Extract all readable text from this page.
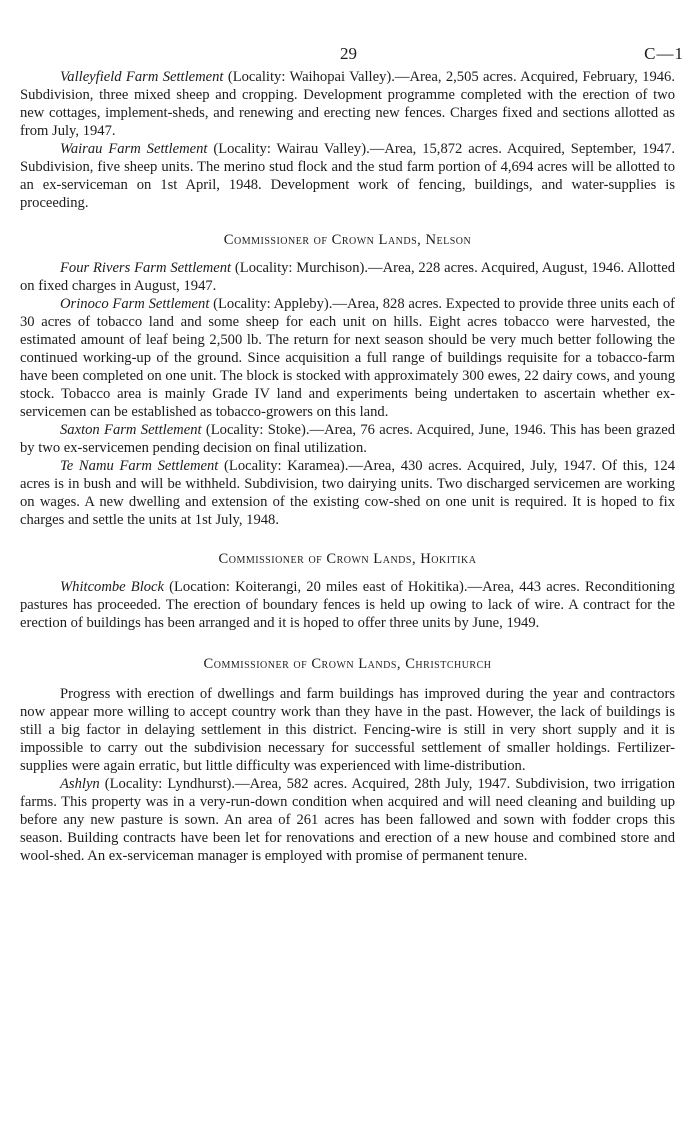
29	C—1

Valleyfield Farm Settlement (Locality: Waihopai Valley).—Area, 2,505 acres. Acquired, February, 1946. Subdivision, three mixed sheep and cropping. Development programme completed with the erection of two new cottages, implement-sheds, and renewing and erecting new fences. Charges fixed and sections allotted as from July, 1947.

Wairau Farm Settlement (Locality: Wairau Valley).—Area, 15,872 acres. Acquired, September, 1947. Subdivision, five sheep units. The merino stud flock and the stud farm portion of 4,694 acres will be allotted to an ex-serviceman on 1st April, 1948. Development work of fencing, buildings, and water-supplies is proceeding.

Commissioner of Crown Lands, Nelson

Four Rivers Farm Settlement (Locality: Murchison).—Area, 228 acres. Acquired, August, 1946. Allotted on fixed charges in August, 1947.

Orinoco Farm Settlement (Locality: Appleby).—Area, 828 acres. Expected to provide three units each of 30 acres of tobacco land and some sheep for each unit on hills. Eight acres tobacco were harvested, the estimated amount of leaf being 2,500 lb. The return for next season should be very much better following the continued working-up of the ground. Since acquisition a full range of buildings requisite for a tobacco-farm have been completed on one unit. The block is stocked with approximately 300 ewes, 22 dairy cows, and young stock. Tobacco area is mainly Grade IV land and experiments being undertaken to ascertain whether ex-servicemen can be established as tobacco-growers on this land.

Saxton Farm Settlement (Locality: Stoke).—Area, 76 acres. Acquired, June, 1946. This has been grazed by two ex-servicemen pending decision on final utilization.

Te Namu Farm Settlement (Locality: Karamea).—Area, 430 acres. Acquired, July, 1947. Of this, 124 acres is in bush and will be withheld. Subdivision, two dairying units. Two discharged servicemen are working on wages. A new dwelling and extension of the existing cow-shed on one unit is required. It is hoped to fix charges and settle the units at 1st July, 1948.

Commissioner of Crown Lands, Hokitika

Whitcombe Block (Location: Koiterangi, 20 miles east of Hokitika).—Area, 443 acres. Reconditioning pastures has proceeded. The erection of boundary fences is held up owing to lack of wire. A contract for the erection of buildings has been arranged and it is hoped to offer three units by June, 1949.

Commissioner of Crown Lands, Christchurch

Progress with erection of dwellings and farm buildings has improved during the year and contractors now appear more willing to accept country work than they have in the past. However, the lack of buildings is still a big factor in delaying settlement in this district. Fencing-wire is still in very short supply and it is impossible to carry out the subdivision necessary for successful settlement of smaller holdings. Fertilizer-supplies were again erratic, but little difficulty was experienced with lime-distribution.

Ashlyn (Locality: Lyndhurst).—Area, 582 acres. Acquired, 28th July, 1947. Subdivision, two irrigation farms. This property was in a very-run-down condition when acquired and will need cleaning and building up before any new pasture is sown. An area of 261 acres has been fallowed and sown with fodder crops this season. Building contracts have been let for renovations and erection of a new house and combined store and wool-shed. An ex-serviceman manager is employed with promise of permanent tenure.
